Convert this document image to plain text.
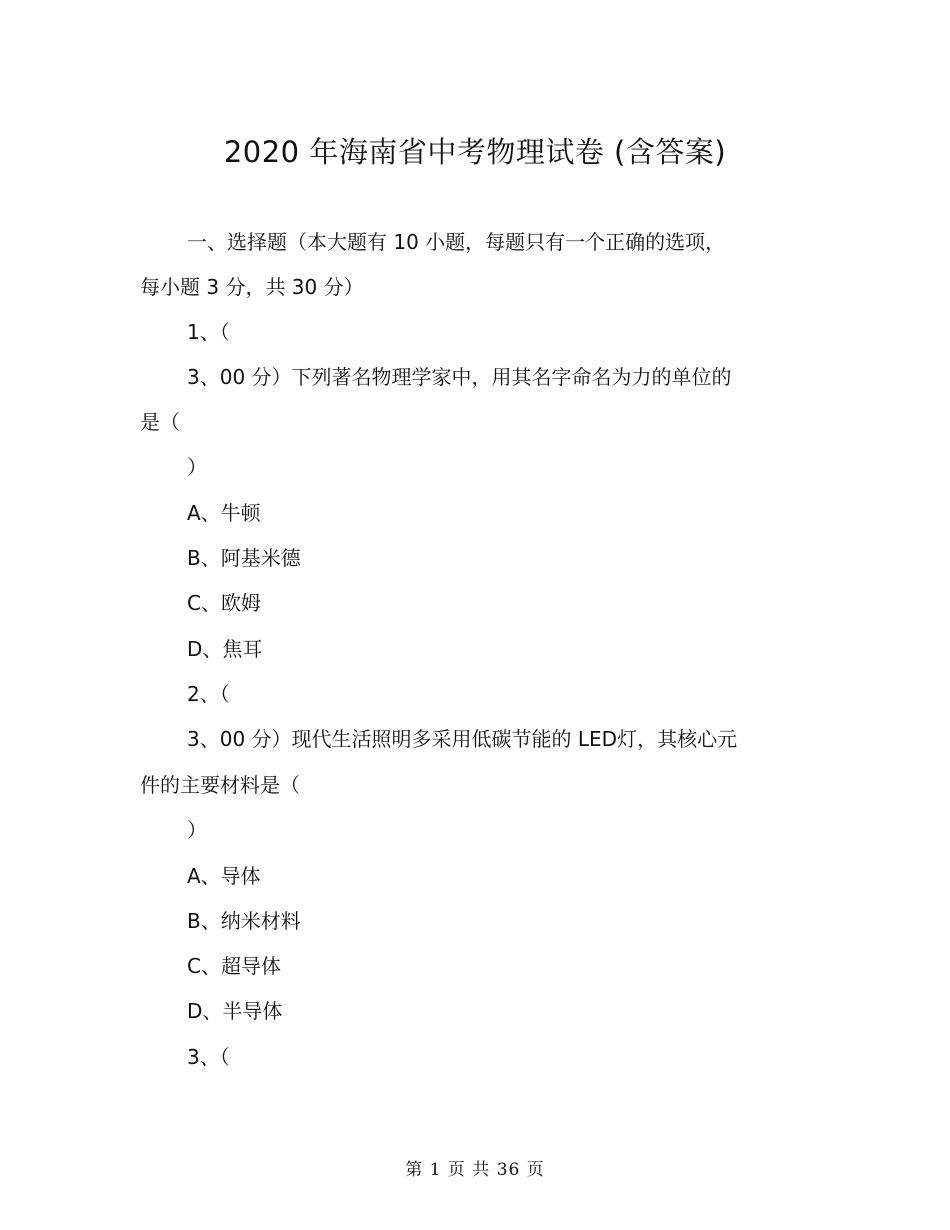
2020 年海南省中考物理试卷 (含答案)
一、选择题（本大题有 10 小题，每题只有一个正确的选项，
每小题 3 分，共 30 分）
1、（
3、00 分）下列著名物理学家中，用其名字命名为力的单位的
是（
）
A、牛顿
B、阿基米德
C、欧姆
D、焦耳
2、（
3、00 分）现代生活照明多采用低碳节能的 LED灯，其核心元
件的主要材料是（
）
A、导体
B、纳米材料
C、超导体
D、半导体
3、（
第 1 页 共 36 页
